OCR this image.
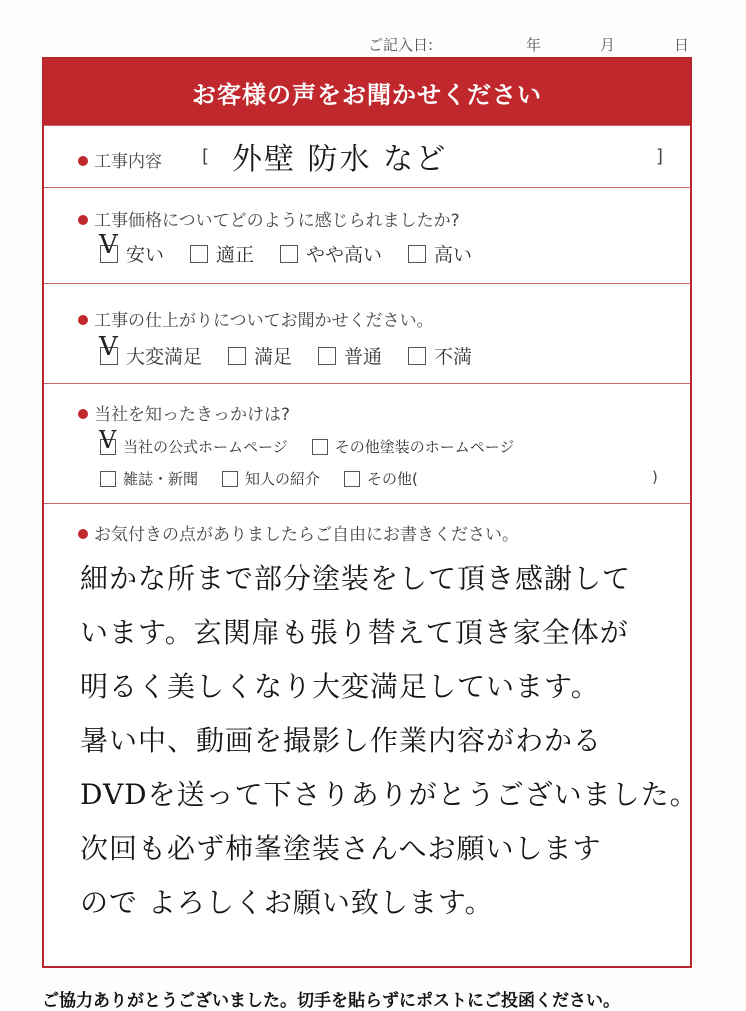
ご記入日:	年	月	日
お客様の声をお聞かせください
工事内容 [ 外壁 防水 など	]
工事価格についてどのように感じられましたか?
V 安い	適正	やや高い	高い
工事の仕上がりについてお聞かせください。
V 大変満足	満足	普通	不満
当社を知ったきっかけは?
V 当社の公式ホームページ	その他塗装のホームページ
雑誌・新聞	知人の紹介	その他(	)
お気付きの点がありましたらご自由にお書きください。
細かな所まで部分塗装をして頂き感謝して
います。玄関扉も張り替えて頂き家全体が
明るく美しくなり大変満足しています。
暑い中、動画を撮影し作業内容がわかる
DVDを送って下さりありがとうございました。
次回も必ず柿峯塗装さんへお願いします
ので よろしくお願い致します。
ご協力ありがとうございました。切手を貼らずにポストにご投函ください。
